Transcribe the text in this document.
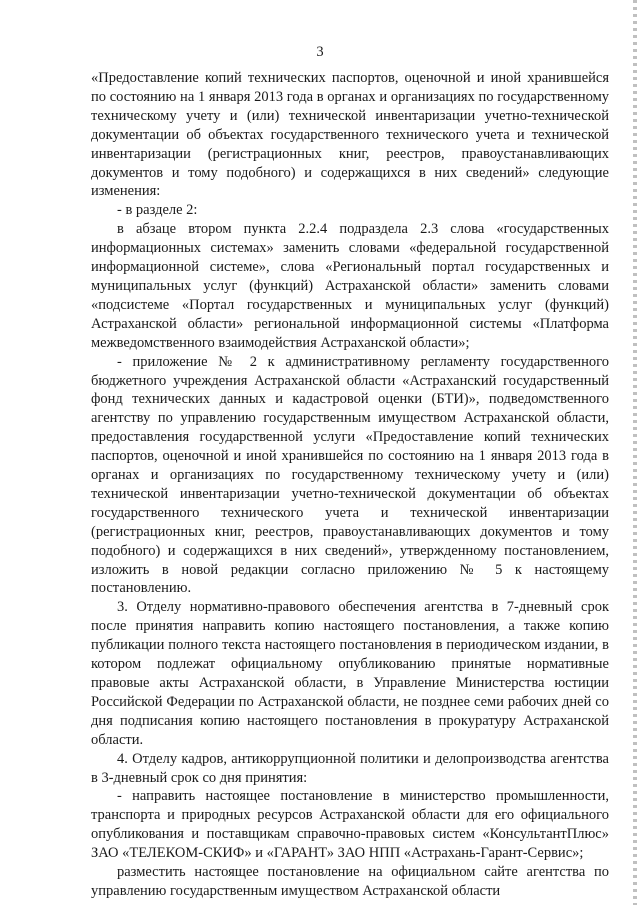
3

«Предоставление копий технических паспортов, оценочной и иной хранившейся по состоянию на 1 января 2013 года в органах и организациях по государственному техническому учету и (или) технической инвентаризации учетно-технической документации об объектах государственного технического учета и технической инвентаризации (регистрационных книг, реестров, правоустанавливающих документов и тому подобного) и содержащихся в них сведений» следующие изменения:

- в разделе 2:

в абзаце втором пункта 2.2.4 подраздела 2.3 слова «государственных информационных системах» заменить словами «федеральной государственной информационной системе», слова «Региональный портал государственных и муниципальных услуг (функций) Астраханской области» заменить словами «подсистеме «Портал государственных и муниципальных услуг (функций) Астраханской области» региональной информационной системы «Платформа межведомственного взаимодействия Астраханской области»;

- приложение № 2 к административному регламенту государственного бюджетного учреждения Астраханской области «Астраханский государственный фонд технических данных и кадастровой оценки (БТИ)», подведомственного агентству по управлению государственным имуществом Астраханской области, предоставления государственной услуги «Предоставление копий технических паспортов, оценочной и иной хранившейся по состоянию на 1 января 2013 года в органах и организациях по государственному техническому учету и (или) технической инвентаризации учетно-технической документации об объектах государственного технического учета и технической инвентаризации (регистрационных книг, реестров, правоустанавливающих документов и тому подобного) и содержащихся в них сведений», утвержденному постановлением, изложить в новой редакции согласно приложению № 5 к настоящему постановлению.

3. Отделу нормативно-правового обеспечения агентства в 7-дневный срок после принятия направить копию настоящего постановления, а также копию публикации полного текста настоящего постановления в периодическом издании, в котором подлежат официальному опубликованию принятые нормативные правовые акты Астраханской области, в Управление Министерства юстиции Российской Федерации по Астраханской области, не позднее семи рабочих дней со дня подписания копию настоящего постановления в прокуратуру Астраханской области.

4. Отделу кадров, антикоррупционной политики и делопроизводства агентства в 3-дневный срок со дня принятия:

- направить настоящее постановление в министерство промышленности, транспорта и природных ресурсов Астраханской области для его официального опубликования и поставщикам справочно-правовых систем «КонсультантПлюс» ЗАО «ТЕЛЕКОМ-СКИФ» и «ГАРАНТ» ЗАО НПП «Астрахань-Гарант-Сервис»;

разместить настоящее постановление на официальном сайте агентства по управлению государственным имуществом Астраханской области
